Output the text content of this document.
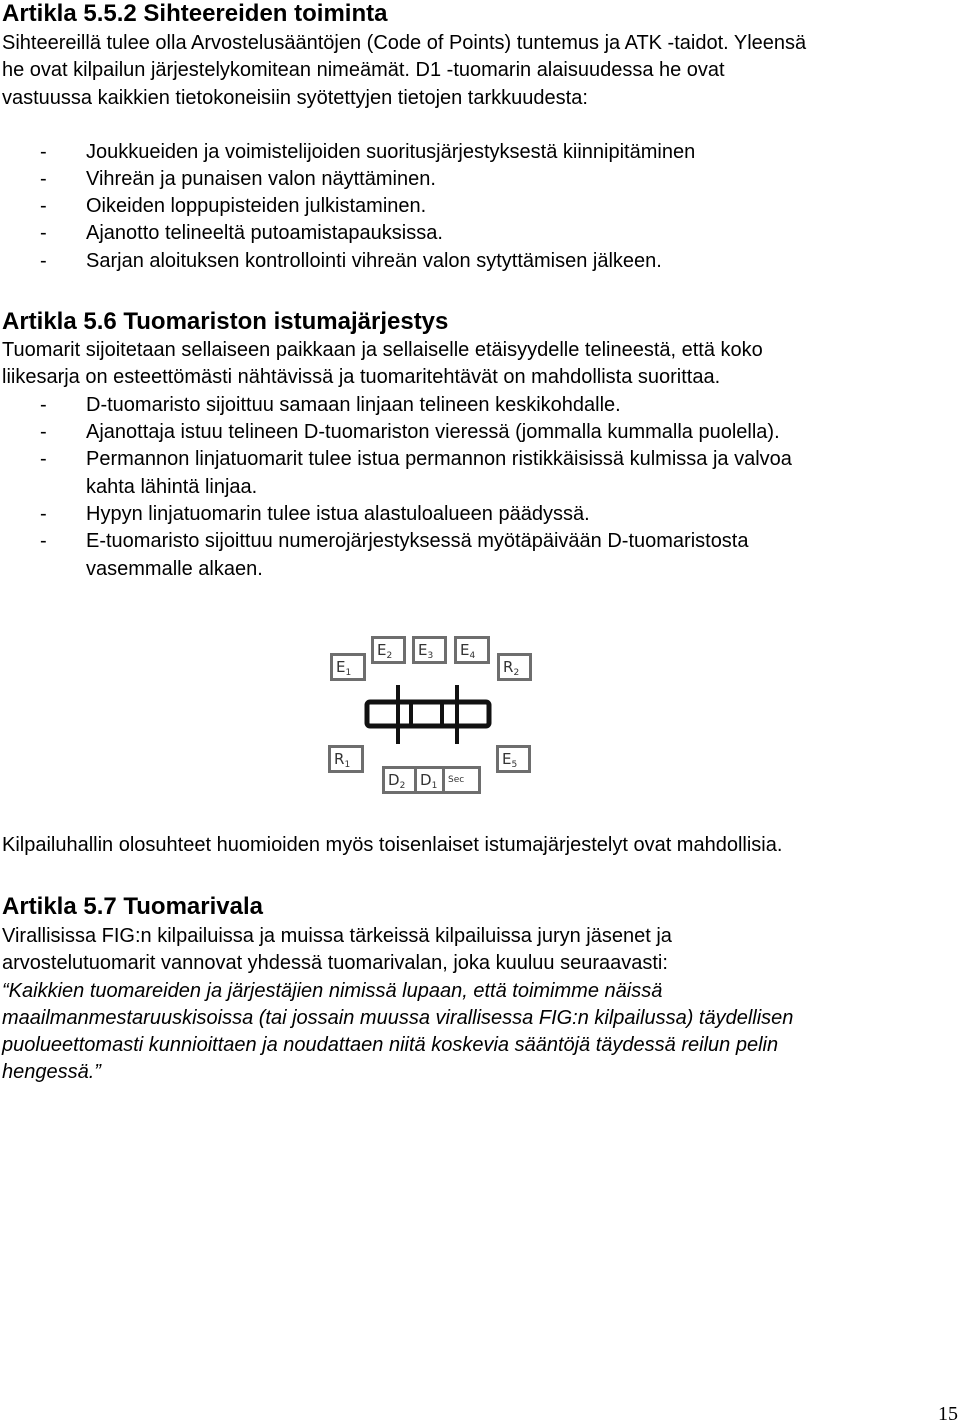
Artikla 5.5.2 Sihteereiden toiminta
Sihteereillä tulee olla Arvostelusääntöjen (Code of Points) tuntemus ja ATK -taidot. Yleensä
he ovat kilpailun järjestelykomitean nimeämät. D1 -tuomarin alaisuudessa he ovat
vastuussa kaikkien tietokoneisiin syötettyjen tietojen tarkkuudesta:
- Joukkueiden ja voimistelijoiden suoritusjärjestyksestä kiinnipitäminen
- Vihreän ja punaisen valon näyttäminen.
- Oikeiden loppupisteiden julkistaminen.
- Ajanotto telineeltä putoamistapauksissa.
- Sarjan aloituksen kontrollointi vihreän valon sytyttämisen jälkeen.
Artikla 5.6 Tuomariston istumajärjestys
Tuomarit sijoitetaan sellaiseen paikkaan ja sellaiselle etäisyydelle telineestä, että koko
liikesarja on esteettömästi nähtävissä ja tuomaritehtävät on mahdollista suorittaa.
- D-tuomaristo sijoittuu samaan linjaan telineen keskikohdalle.
- Ajanottaja istuu telineen D-tuomariston vieressä (jommalla kummalla puolella).
- Permannon linjatuomarit tulee istua permannon ristikkäisissä kulmissa ja valvoa
kahta lähintä linjaa.
- Hypyn linjatuomarin tulee istua alastuloalueen päädyssä.
- E-tuomaristo sijoittuu numerojärjestyksessä myötäpäivään D-tuomaristosta
vasemmalle alkaen.
$E_1$
$E_2$	$E_3$	$E_4$
$R_2$
$R_1$	$E_5$
$D_2$ $D_1$
Sec
Kilpailuhallin olosuhteet huomioiden myös toisenlaiset istumajärjestelyt ovat mahdollisia.
Artikla 5.7 Tuomarivala
Virallisissa FIG:n kilpailuissa ja muissa tärkeissä kilpailuissa juryn jäsenet ja
arvostelutuomarit vannovat yhdessä tuomarivalan, joka kuuluu seuraavasti:
“Kaikkien tuomareiden ja järjestäjien nimissä lupaan, että toimimme näissä
maailmanmestaruuskisoissa (tai jossain muussa virallisessa FIG:n kilpailussa) täydellisen
puolueettomasti kunnioittaen ja noudattaen niitä koskevia sääntöjä täydessä reilun pelin
hengessä.”
15
